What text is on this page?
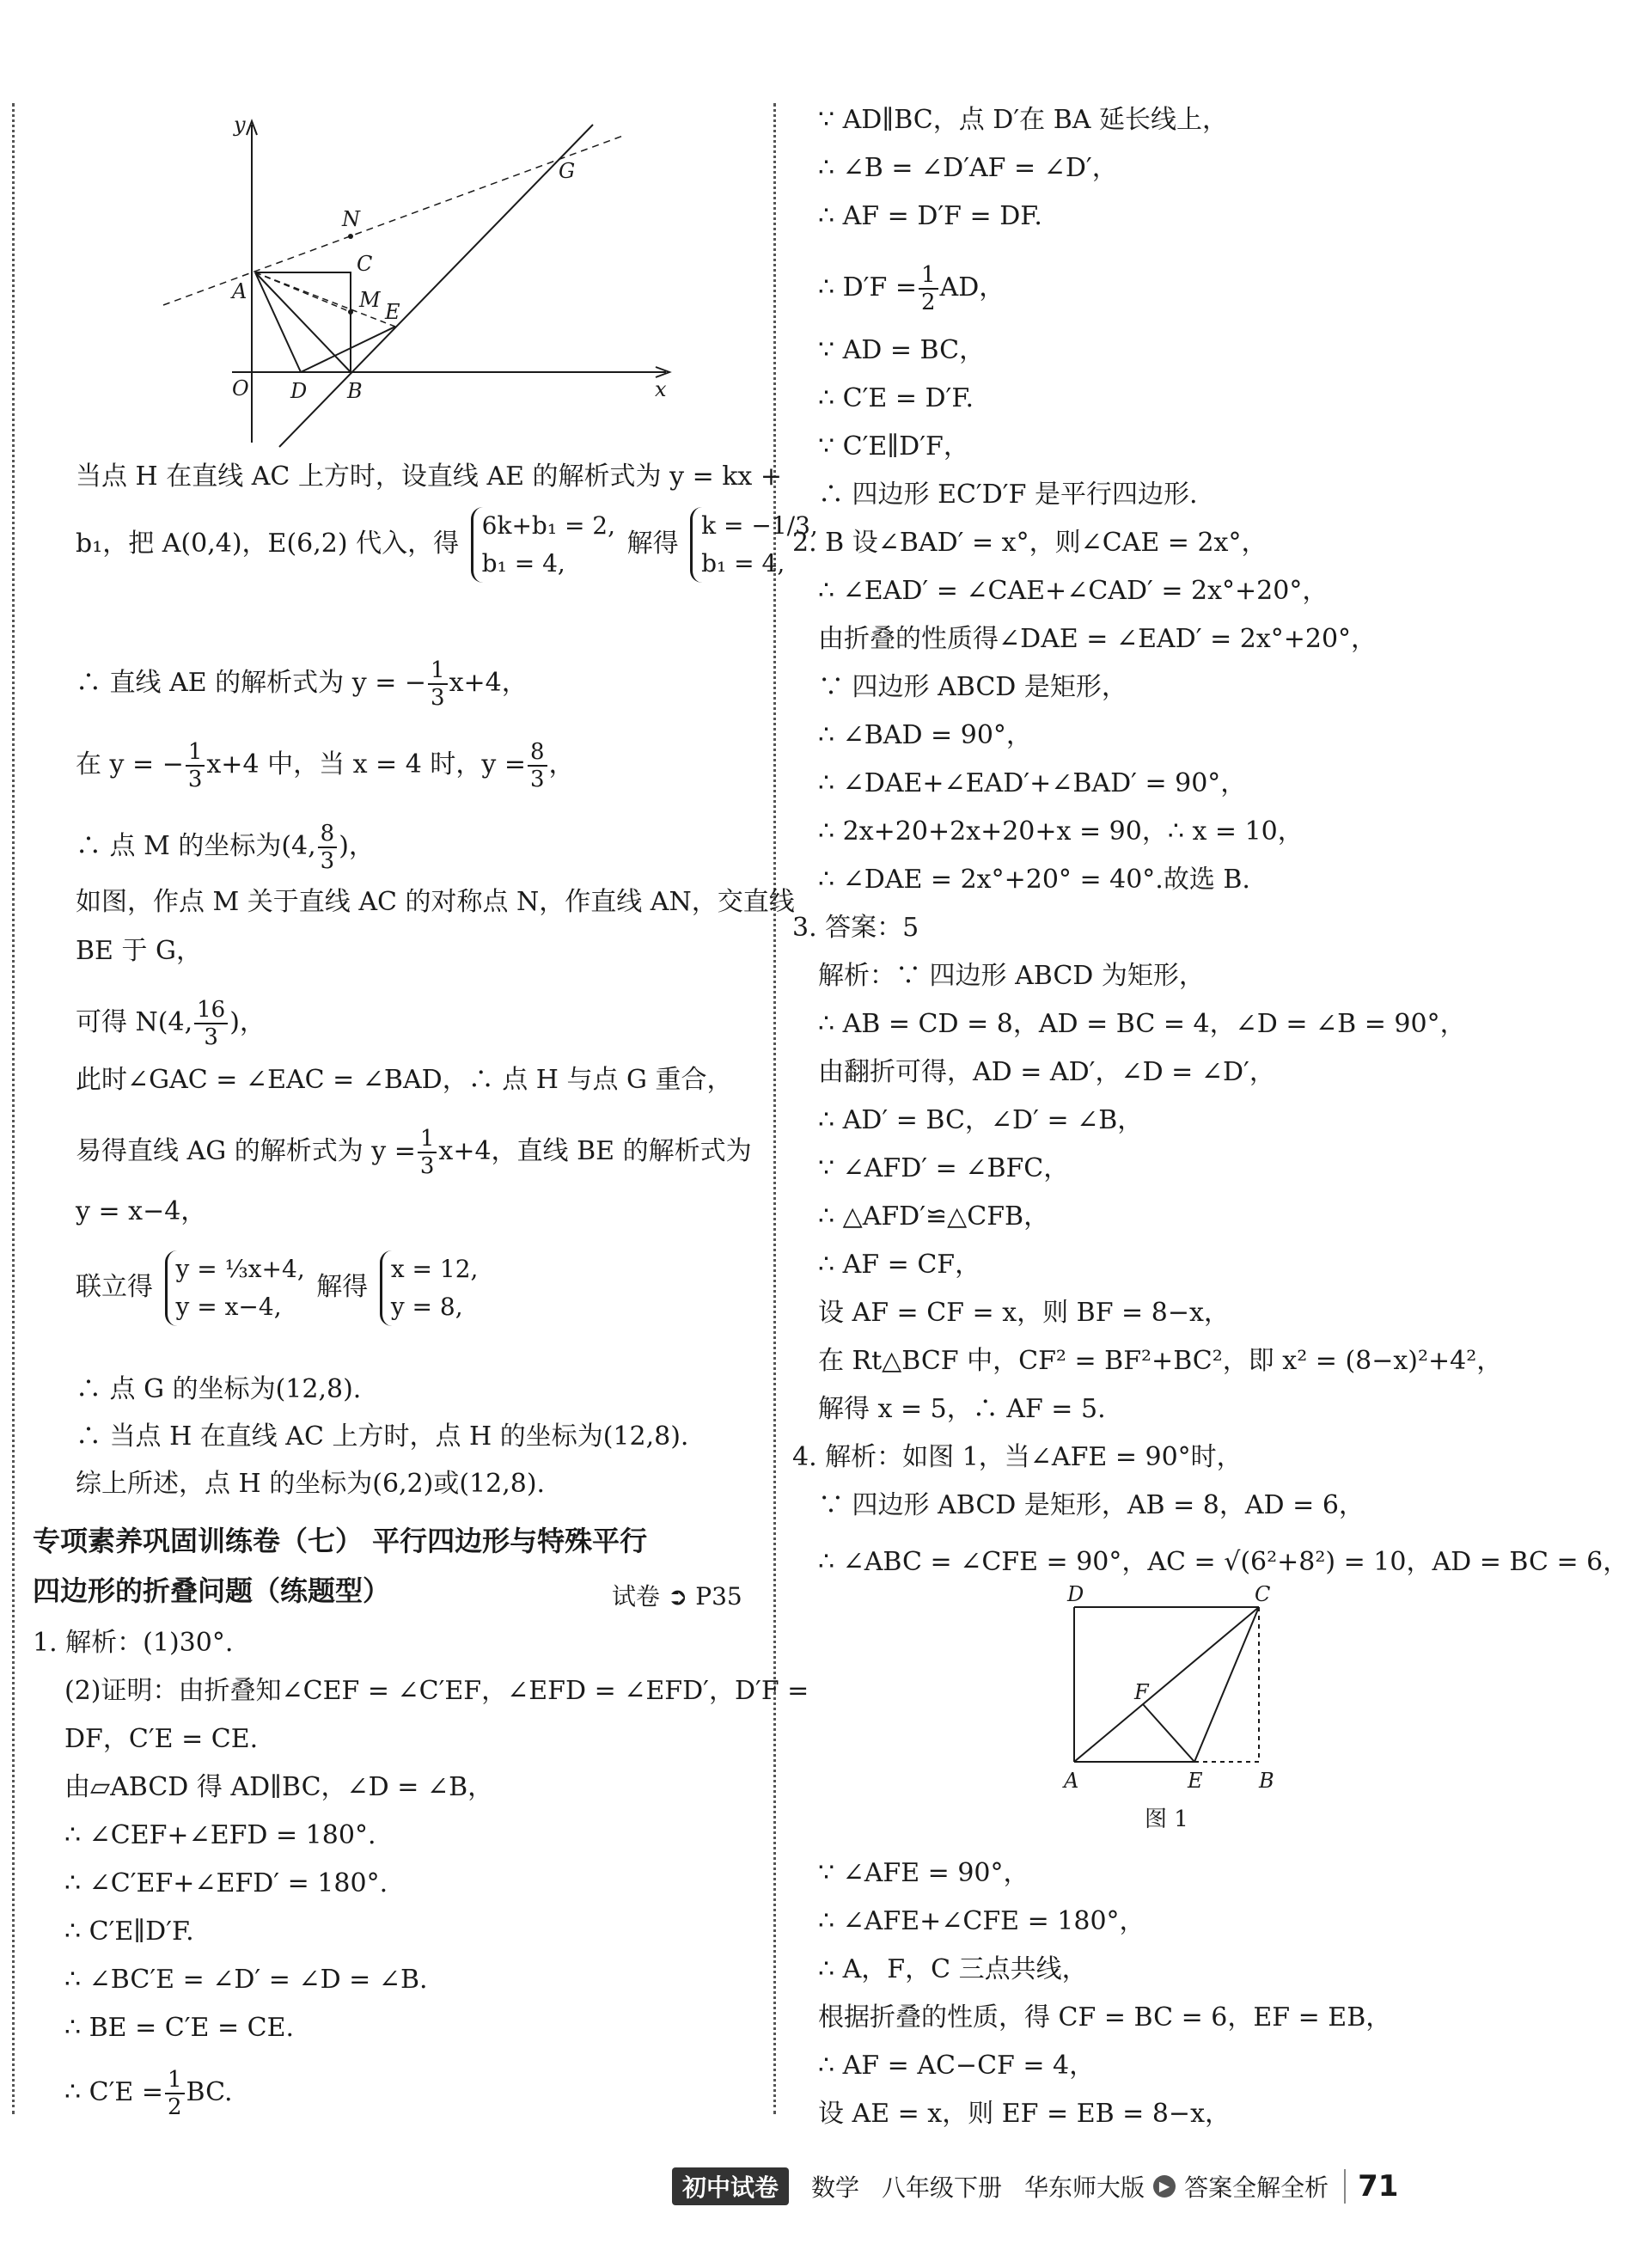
y
x
O
A
D B
C
M E
N
G
当点 H 在直线 AC 上方时，设直线 AE 的解析式为 y = kx +
b₁，把 A(0,4)，E(6,2) 代入，得
6k+b₁ = 2,
b₁ = 4,
解得
k = −1/3,
b₁ = 4,
∴ 直线 AE 的解析式为 y = − $\frac{1}{3} x+4$，
在 y = − $\frac{1}{3} x+4$ 中，当 x = 4 时，$y = \frac{8}{3}$ ，
∴ 点 M 的坐标为(4, $\frac{8}{3}$ )，
如图，作点 M 关于直线 AC 的对称点 N，作直线 AN，交直线
BE 于 G，
可得 N(4, $\frac{16}{3}$ )，
此时∠GAC = ∠EAC = ∠BAD，∴ 点 H 与点 G 重合，
易得直线 AG 的解析式为 $y = \frac{1}{3} x+4$，直线 BE 的解析式为
y = x−4，
联立得
y = ⅓x+4,
y = x−4,
解得
x = 12,
y = 8,
∴ 点 G 的坐标为(12,8).
∴ 当点 H 在直线 AC 上方时，点 H 的坐标为(12,8).
综上所述，点 H 的坐标为(6,2)或(12,8).
专项素养巩固训练卷（七） 平行四边形与特殊平行
四边形的折叠问题（练题型）	试卷 ➲ P35
1. 解析：(1)30°.
(2)证明：由折叠知∠CEF = ∠C′EF，∠EFD = ∠EFD′，D′F =
DF，C′E = CE.
由▱ABCD 得 AD∥BC，∠D = ∠B，
∴ ∠CEF+∠EFD = 180°.
∴ ∠C′EF+∠EFD′ = 180°.
∴ C′E∥D′F.
∴ ∠BC′E = ∠D′ = ∠D = ∠B.
∴ BE = C′E = CE.
∴ $C'E = \frac{1}{2}$ BC.
∵ AD∥BC，点 D′在 BA 延长线上，
∴ ∠B = ∠D′AF = ∠D′，
∴ AF = D′F = DF.
∴ $D'F = \frac{1}{2}$ AD，
∵ AD = BC，
∴ C′E = D′F.
∵ C′E∥D′F，
∴ 四边形 EC′D′F 是平行四边形.
2. B 设∠BAD′ = x°，则∠CAE = 2x°，
∴ ∠EAD′ = ∠CAE+∠CAD′ = 2x°+20°，
由折叠的性质得∠DAE = ∠EAD′ = 2x°+20°，
∵ 四边形 ABCD 是矩形，
∴ ∠BAD = 90°，
∴ ∠DAE+∠EAD′+∠BAD′ = 90°，
∴ 2x+20+2x+20+x = 90，∴ x = 10，
∴ ∠DAE = 2x°+20° = 40°.故选 B.
3. 答案：5
解析：∵ 四边形 ABCD 为矩形，
∴ AB = CD = 8，AD = BC = 4，∠D = ∠B = 90°，
由翻折可得，AD = AD′，∠D = ∠D′，
∴ AD′ = BC，∠D′ = ∠B，
∵ ∠AFD′ = ∠BFC，
∴ △AFD′≌△CFB，
∴ AF = CF，
设 AF = CF = x，则 BF = 8−x，
在 Rt△BCF 中，CF² = BF²+BC²，即 x² = (8−x)²+4²，
解得 x = 5，∴ AF = 5.
4. 解析：如图 1，当∠AFE = 90°时，
∵ 四边形 ABCD 是矩形，AB = 8，AD = 6，
∴ ∠ABC = ∠CFE = 90°，AC = √(6²+8²) = 10，AD = BC = 6，
D	C
F
A	E	B
图 1
∵ ∠AFE = 90°，
∴ ∠AFE+∠CFE = 180°，
∴ A，F，C 三点共线，
根据折叠的性质，得 CF = BC = 6，EF = EB，
∴ AF = AC−CF = 4，
设 AE = x，则 EF = EB = 8−x，
初中试卷	数学 八年级下册 华东师大版	▶ 答案全解全析	71
